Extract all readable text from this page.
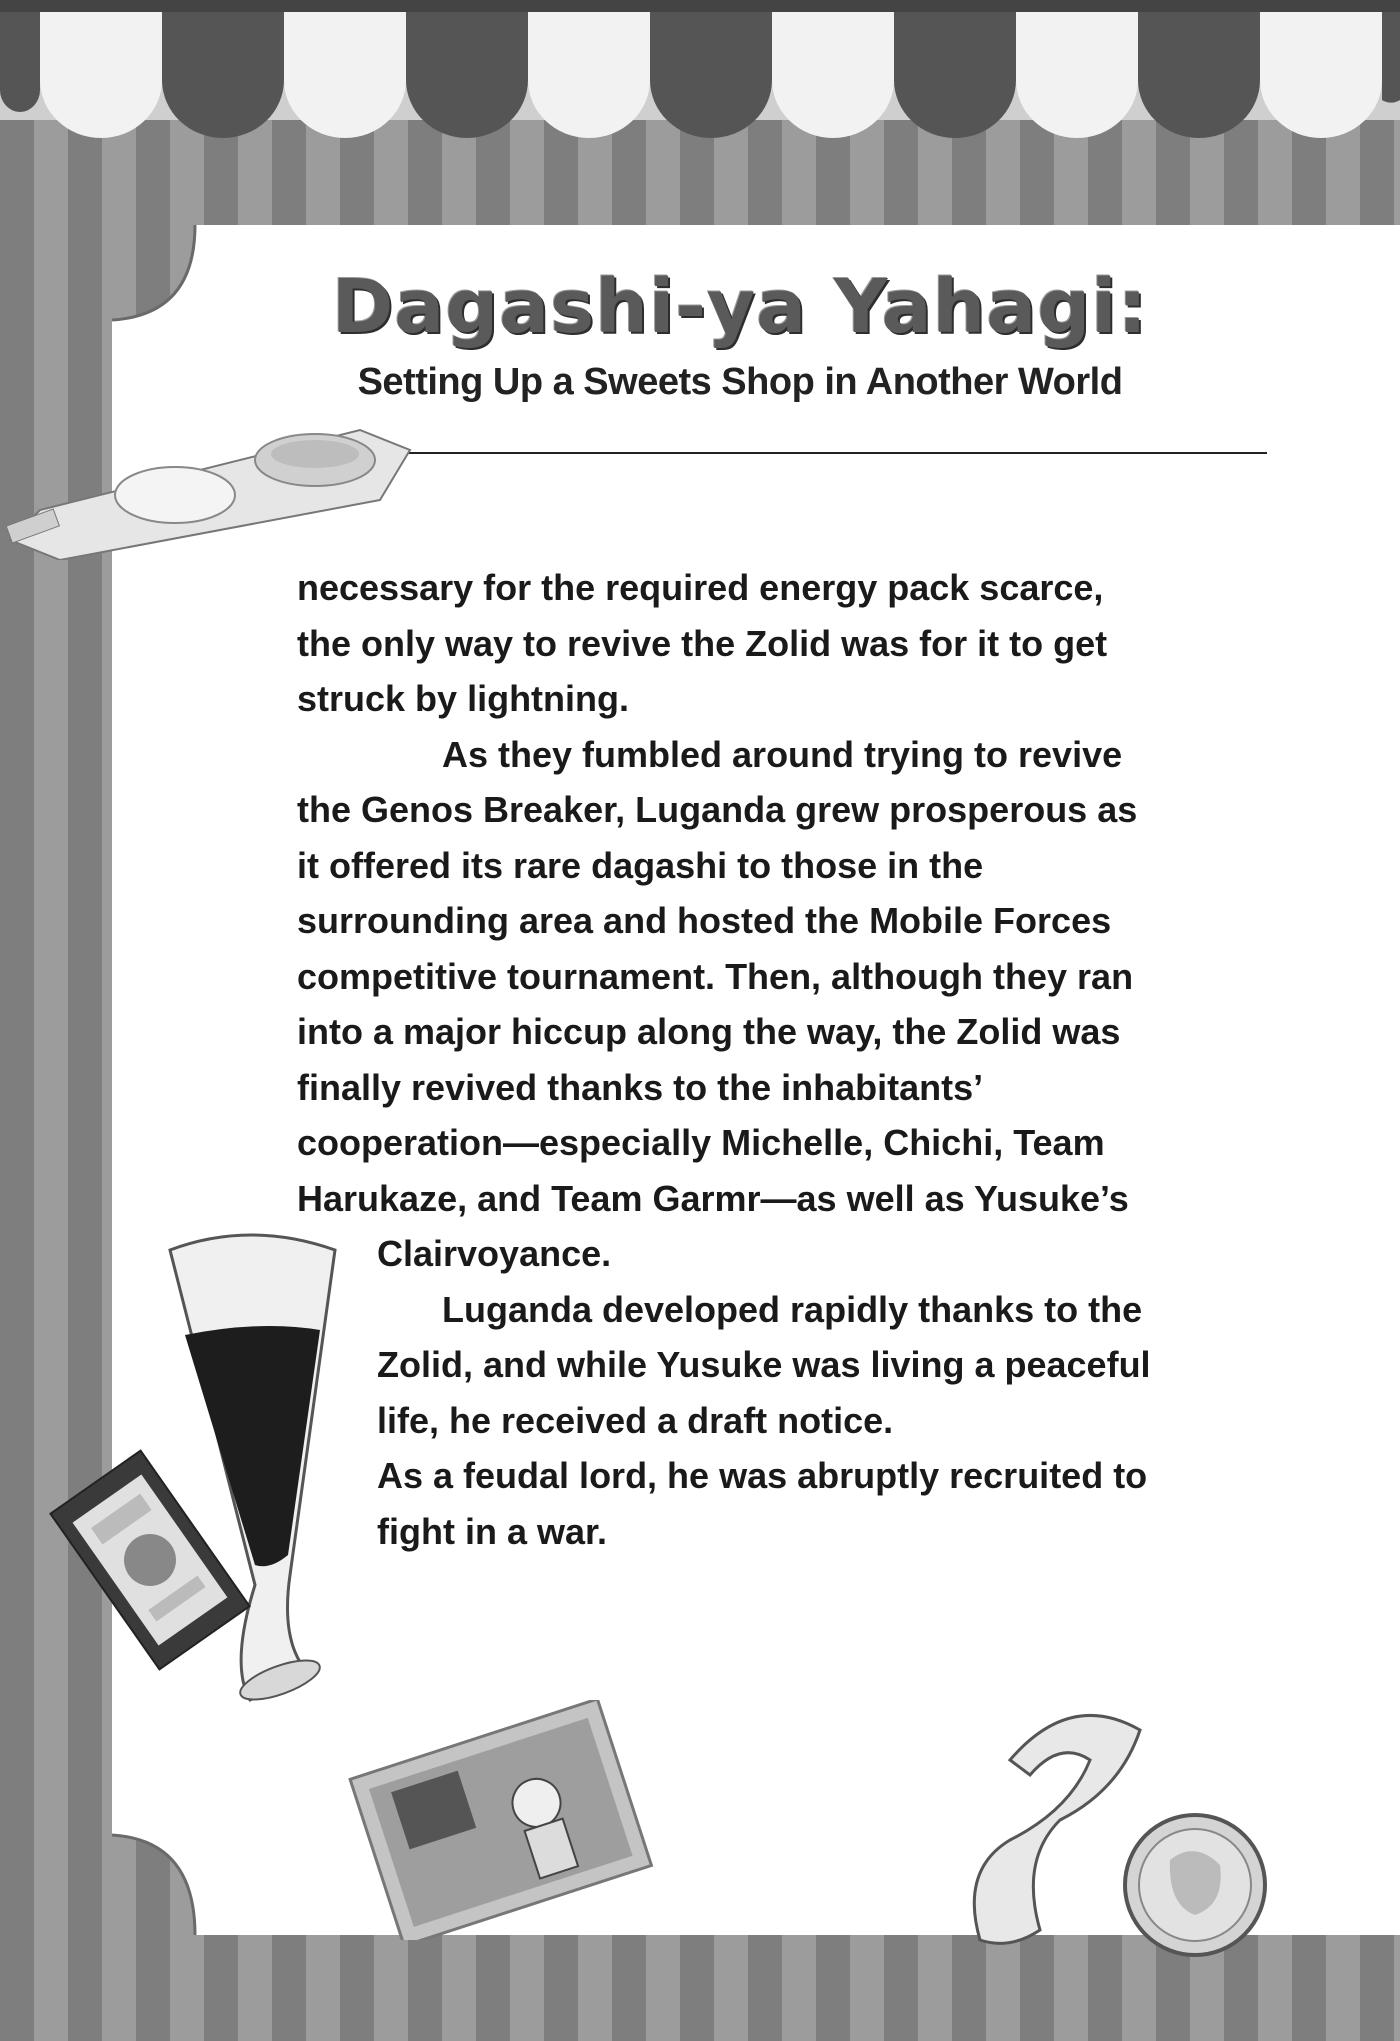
Dagashi-ya Yahagi:
Setting Up a Sweets Shop in Another World
necessary for the required energy pack scarce,
the only way to revive the Zolid was for it to get
struck by lightning.
As they fumbled around trying to revive
the Genos Breaker, Luganda grew prosperous as
it offered its rare dagashi to those in the
surrounding area and hosted the Mobile Forces
competitive tournament. Then, although they ran
into a major hiccup along the way, the Zolid was
finally revived thanks to the inhabitants’
cooperation—especially Michelle, Chichi, Team
Harukaze, and Team Garmr—as well as Yusuke’s
Clairvoyance.
Luganda developed rapidly thanks to the
Zolid, and while Yusuke was living a peaceful
life, he received a draft notice.
As a feudal lord, he was abruptly recruited to
fight in a war.
